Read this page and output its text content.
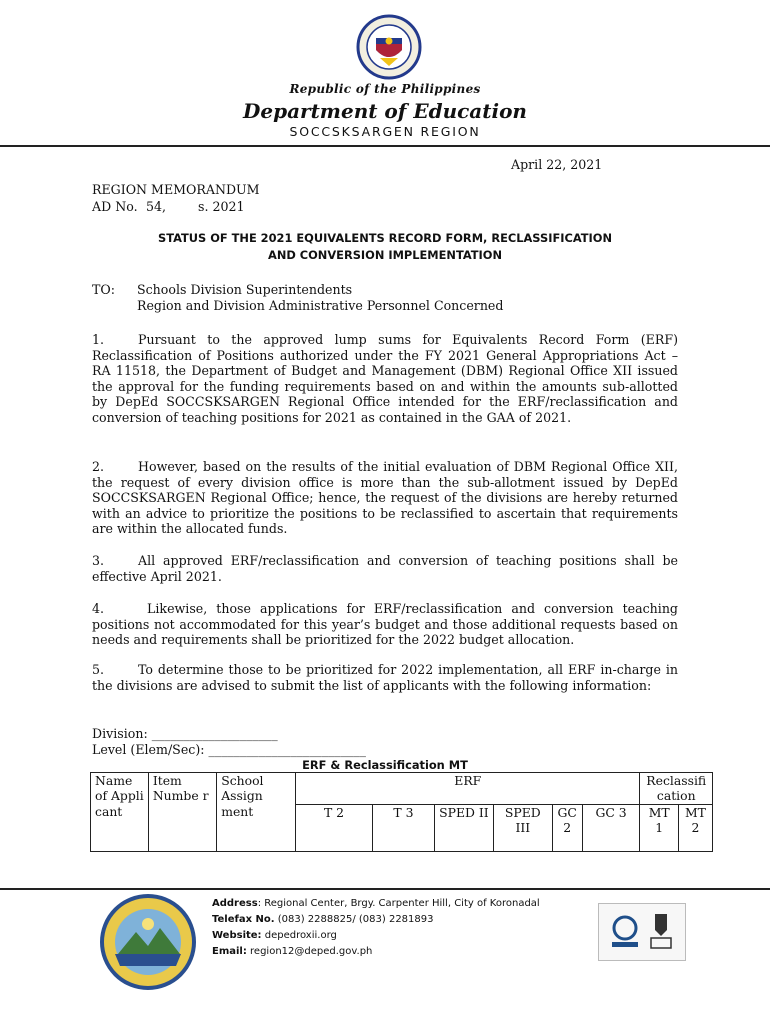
Republic of the Philippines
Department of Education
SOCCSKSARGEN REGION
April 22, 2021
REGION MEMORANDUM
AD No. 54,	s. 2021
STATUS OF THE 2021 EQUIVALENTS RECORD FORM, RECLASSIFICATION
AND CONVERSION IMPLEMENTATION
TO: Schools Division Superintendents
Region and Division Administrative Personnel Concerned
1.	Pursuant to the approved lump sums for Equivalents Record Form (ERF) Reclassification of Positions authorized under the FY 2021 General Appropriations Act – RA 11518, the Department of Budget and Management (DBM) Regional Office XII issued the approval for the funding requirements based on and within the amounts sub-allotted by DepEd SOCCSKSARGEN Regional Office intended for the ERF/reclassification and conversion of teaching positions for 2021 as contained in the GAA of 2021.
2.	However, based on the results of the initial evaluation of DBM Regional Office XII, the request of every division office is more than the sub-allotment issued by DepEd SOCCSKSARGEN Regional Office; hence, the request of the divisions are hereby returned with an advice to prioritize the positions to be reclassified to ascertain that requirements are within the allocated funds.
3.	All approved ERF/reclassification and conversion of teaching positions shall be effective April 2021.
4.	Likewise, those applications for ERF/reclassification and conversion teaching positions not accommodated for this year’s budget and those additional requests based on needs and requirements shall be prioritized for the 2022 budget allocation.
5.	To determine those to be prioritized for 2022 implementation, all ERF in-charge in the divisions are advised to submit the list of applicants with the following information:
Division: ____________________
Level (Elem/Sec): _________________________
ERF & Reclassification MT
Name of Appli cant	Item Numbe r	School Assign ment	ERF						Reclassifi cation	
			T 2	T 3	SPED II	SPED III	GC 2	GC 3	MT 1	MT 2
Address: Regional Center, Brgy. Carpenter Hill, City of Koronadal
Telefax No. (083) 2288825/ (083) 2281893
Website: depedroxii.org
Email: region12@deped.gov.ph
